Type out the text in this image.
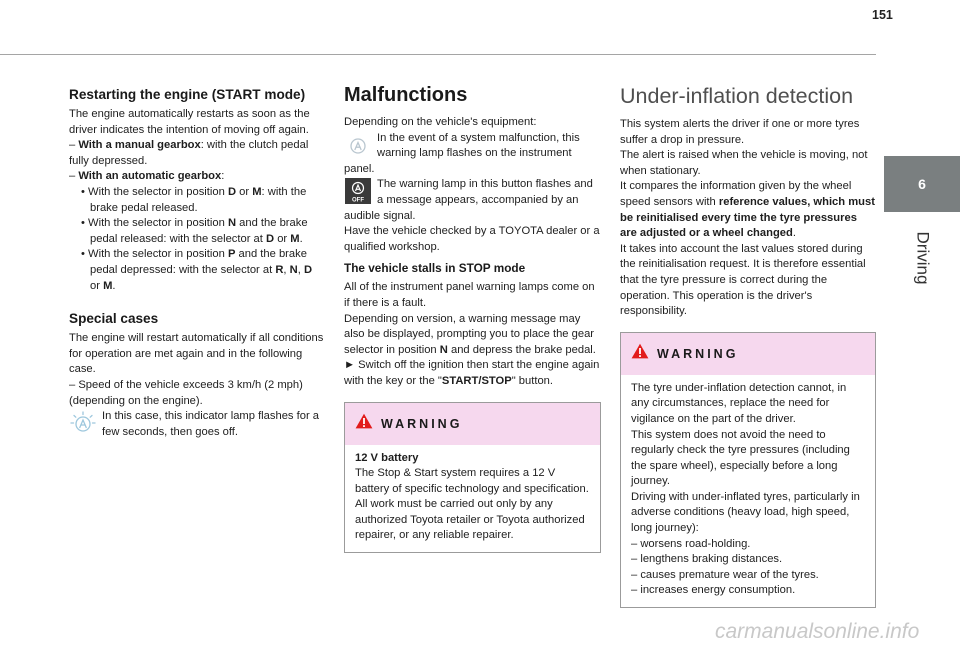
151
6
Driving
Restarting the engine (START mode)
The engine automatically restarts as soon as the driver indicates the intention of moving off again.
– With a manual gearbox: with the clutch pedal fully depressed.
– With an automatic gearbox:
• With the selector in position D or M: with the brake pedal released.
• With the selector in position N and the brake pedal released: with the selector at D or M.
• With the selector in position P and the brake pedal depressed: with the selector at R, N, D or M.
Special cases
The engine will restart automatically if all conditions for operation are met again and in the following case.
– Speed of the vehicle exceeds 3 km/h (2 mph) (depending on the engine).
In this case, this indicator lamp flashes for a few seconds, then goes off.
Malfunctions
Depending on the vehicle's equipment:
In the event of a system malfunction, this warning lamp flashes on the instrument panel.
OFF
The warning lamp in this button flashes and a message appears, accompanied by an audible signal.
Have the vehicle checked by a TOYOTA dealer or a qualified workshop.
The vehicle stalls in STOP mode
All of the instrument panel warning lamps come on if there is a fault.
Depending on version, a warning message may also be displayed, prompting you to place the gear selector in position N and depress the brake pedal.
► Switch off the ignition then start the engine again with the key or the "START/STOP" button.
WARNING
12 V battery
The Stop & Start system requires a 12 V battery of specific technology and specification.
All work must be carried out only by any authorized Toyota retailer or Toyota authorized repairer, or any reliable repairer.
Under-inflation detection
This system alerts the driver if one or more tyres suffer a drop in pressure.
The alert is raised when the vehicle is moving, not when stationary.
It compares the information given by the wheel speed sensors with reference values, which must be reinitialised every time the tyre pressures are adjusted or a wheel changed.
It takes into account the last values stored during the reinitialisation request. It is therefore essential that the tyre pressure is correct during the operation. This operation is the driver's responsibility.
WARNING
The tyre under-inflation detection cannot, in any circumstances, replace the need for vigilance on the part of the driver.
This system does not avoid the need to regularly check the tyre pressures (including the spare wheel), especially before a long journey.
Driving with under-inflated tyres, particularly in adverse conditions (heavy load, high speed, long journey):
– worsens road-holding.
– lengthens braking distances.
– causes premature wear of the tyres.
– increases energy consumption.
carmanualsonline.info
